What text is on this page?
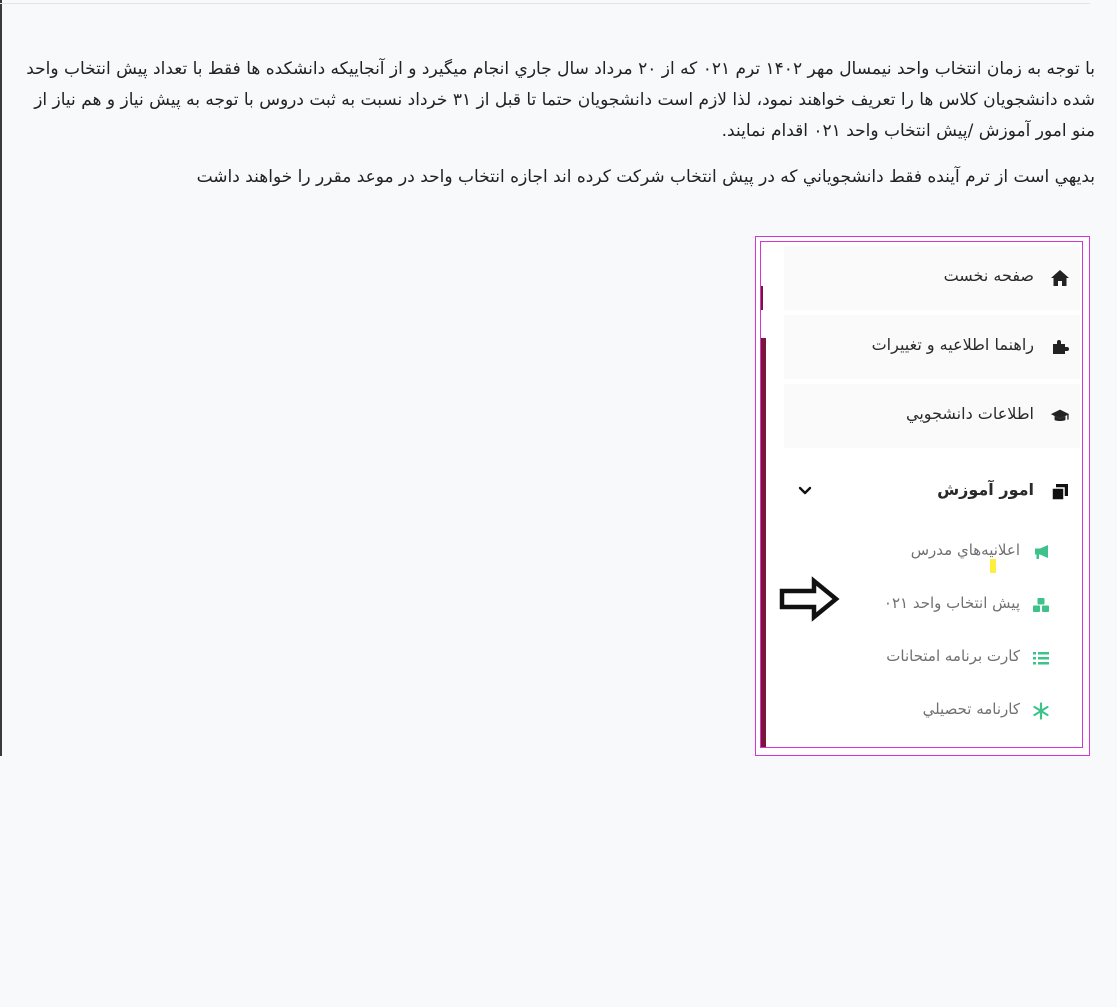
با توجه به زمان انتخاب واحد نیمسال مهر ۱۴۰۲ ترم ۰۲۱ که از ۲۰ مرداد سال جاري انجام میگیرد و از آنجاییکه دانشکده ها فقط با تعداد پیش انتخاب واحد شده دانشجویان کلاس ها را تعریف خواهند نمود، لذا لازم است دانشجویان حتما تا قبل از ۳۱ خرداد نسبت به ثبت دروس با توجه به پیش نیاز و هم نیاز از منو امور آموزش /پیش انتخاب واحد ۰۲۱ اقدام نمایند.

بدیهي است از ترم آینده فقط دانشجویاني که در پیش انتخاب شرکت کرده اند اجازه انتخاب واحد در موعد مقرر را خواهند داشت

صفحه نخست
راهنما اطلاعیه و تغییرات
اطلاعات دانشجويي
امور آموزش
اعلانيه‌هاي مدرس
پيش انتخاب واحد ۰۲۱
کارت برنامه امتحانات
کارنامه تحصيلي
